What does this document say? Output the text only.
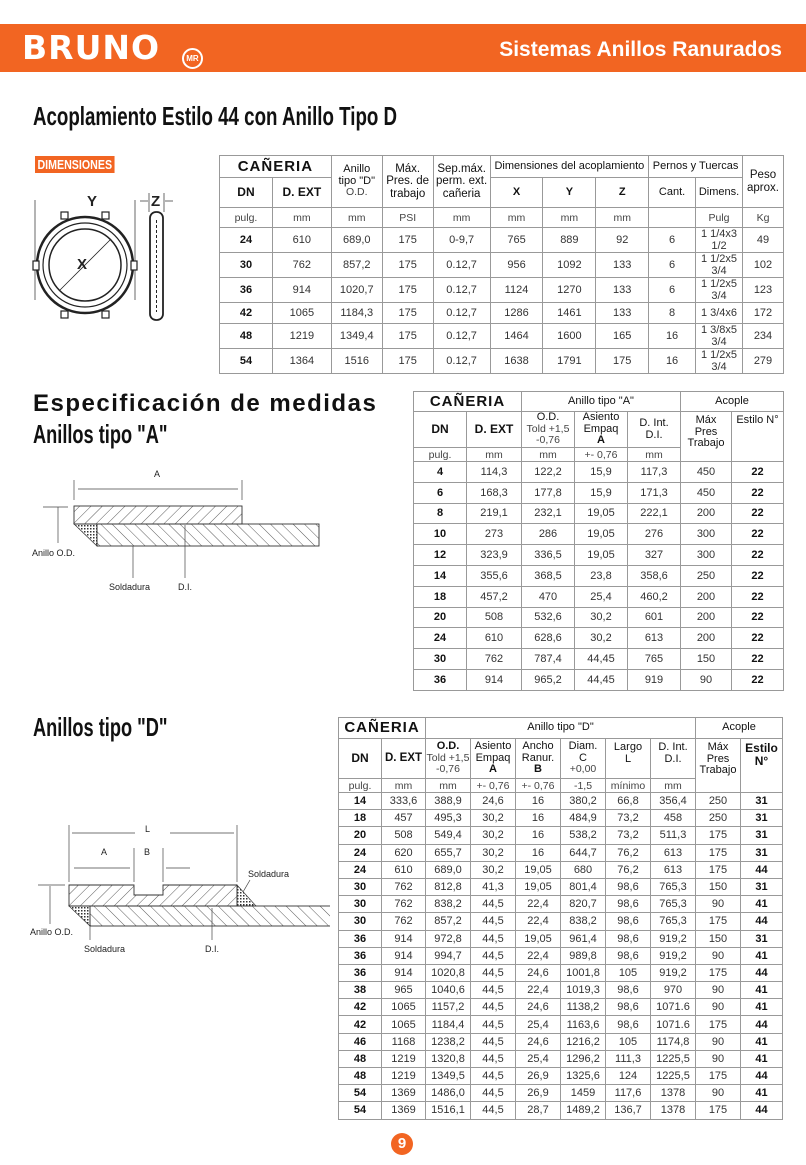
BRUNO	MR	Sistemas Anillos Ranurados
Acoplamiento Estilo 44 con Anillo Tipo D
DIMENSIONES
Y
X
Z
CAÑERIA		Anillo
tipo "D"
O.D.	Máx.
Pres. de
trabajo	Sep.máx.
perm. ext.
cañeria	Dimensiones del acoplamiento			Pernos y Tuercas		Peso
aprox.
DN	D. EXT				X	Y	Z	Cant.	Dimens.	
pulg.	mm	mm	PSI	mm	mm	mm	mm		Pulg	Kg
24	610	689,0	175	0-9,7	765	889	92	6	1 1/4x3 1/2	49
30	762	857,2	175	0.12,7	956	1092	133	6	1 1/2x5 3/4	102
36	914	1020,7	175	0.12,7	1124	1270	133	6	1 1/2x5 3/4	123
42	1065	1184,3	175	0.12,7	1286	1461	133	8	1 3/4x6	172
48	1219	1349,4	175	0.12,7	1464	1600	165	16	1 3/8x5 3/4	234
54	1364	1516	175	0.12,7	1638	1791	175	16	1 1/2x5 3/4	279
Especificación de medidas
Anillos tipo "A"
A
Anillo O.D.
Soldadura	D.I.
CAÑERIA		Anillo tipo "A"			Acople	
DN	D. EXT	O.D.
Told +1,5
-0,76	Asiento
Empaq
A	D. Int.
D.I.	Máx
Pres
Trabajo	Estilo N°
pulg.	mm	mm	+- 0,76	mm		
4	114,3	122,2	15,9	117,3	450	22
6	168,3	177,8	15,9	171,3	450	22
8	219,1	232,1	19,05	222,1	200	22
10	273	286	19,05	276	300	22
12	323,9	336,5	19,05	327	300	22
14	355,6	368,5	23,8	358,6	250	22
18	457,2	470	25,4	460,2	200	22
20	508	532,6	30,2	601	200	22
24	610	628,6	30,2	613	200	22
30	762	787,4	44,45	765	150	22
36	914	965,2	44,45	919	90	22
Anillos tipo "D"
L
A	B
Soldadura
Anillo O.D.
Soldadura	D.I.
CAÑERIA		Anillo tipo "D"						Acople	
DN	D. EXT	O.D.
Told +1,5
-0,76	Asiento
Empaq
A	Ancho
Ranur.
B	Diam.
C
+0,00	Largo
L	D. Int.
D.I.	Máx
Pres
Trabajo	Estilo
N°
pulg.	mm	mm	+- 0,76	+- 0,76	-1,5	mínimo	mm		
14	333,6	388,9	24,6	16	380,2	66,8	356,4	250	31
18	457	495,3	30,2	16	484,9	73,2	458	250	31
20	508	549,4	30,2	16	538,2	73,2	511,3	175	31
24	620	655,7	30,2	16	644,7	76,2	613	175	31
24	610	689,0	30,2	19,05	680	76,2	613	175	44
30	762	812,8	41,3	19,05	801,4	98,6	765,3	150	31
30	762	838,2	44,5	22,4	820,7	98,6	765,3	90	41
30	762	857,2	44,5	22,4	838,2	98,6	765,3	175	44
36	914	972,8	44,5	19,05	961,4	98,6	919,2	150	31
36	914	994,7	44,5	22,4	989,8	98,6	919,2	90	41
36	914	1020,8	44,5	24,6	1001,8	105	919,2	175	44
38	965	1040,6	44,5	22,4	1019,3	98,6	970	90	41
42	1065	1157,2	44,5	24,6	1138,2	98,6	1071.6	90	41
42	1065	1184,4	44,5	25,4	1163,6	98,6	1071.6	175	44
46	1168	1238,2	44,5	24,6	1216,2	105	1174,8	90	41
48	1219	1320,8	44,5	25,4	1296,2	111,3	1225,5	90	41
48	1219	1349,5	44,5	26,9	1325,6	124	1225,5	175	44
54	1369	1486,0	44,5	26,9	1459	117,6	1378	90	41
54	1369	1516,1	44,5	28,7	1489,2	136,7	1378	175	44
9
